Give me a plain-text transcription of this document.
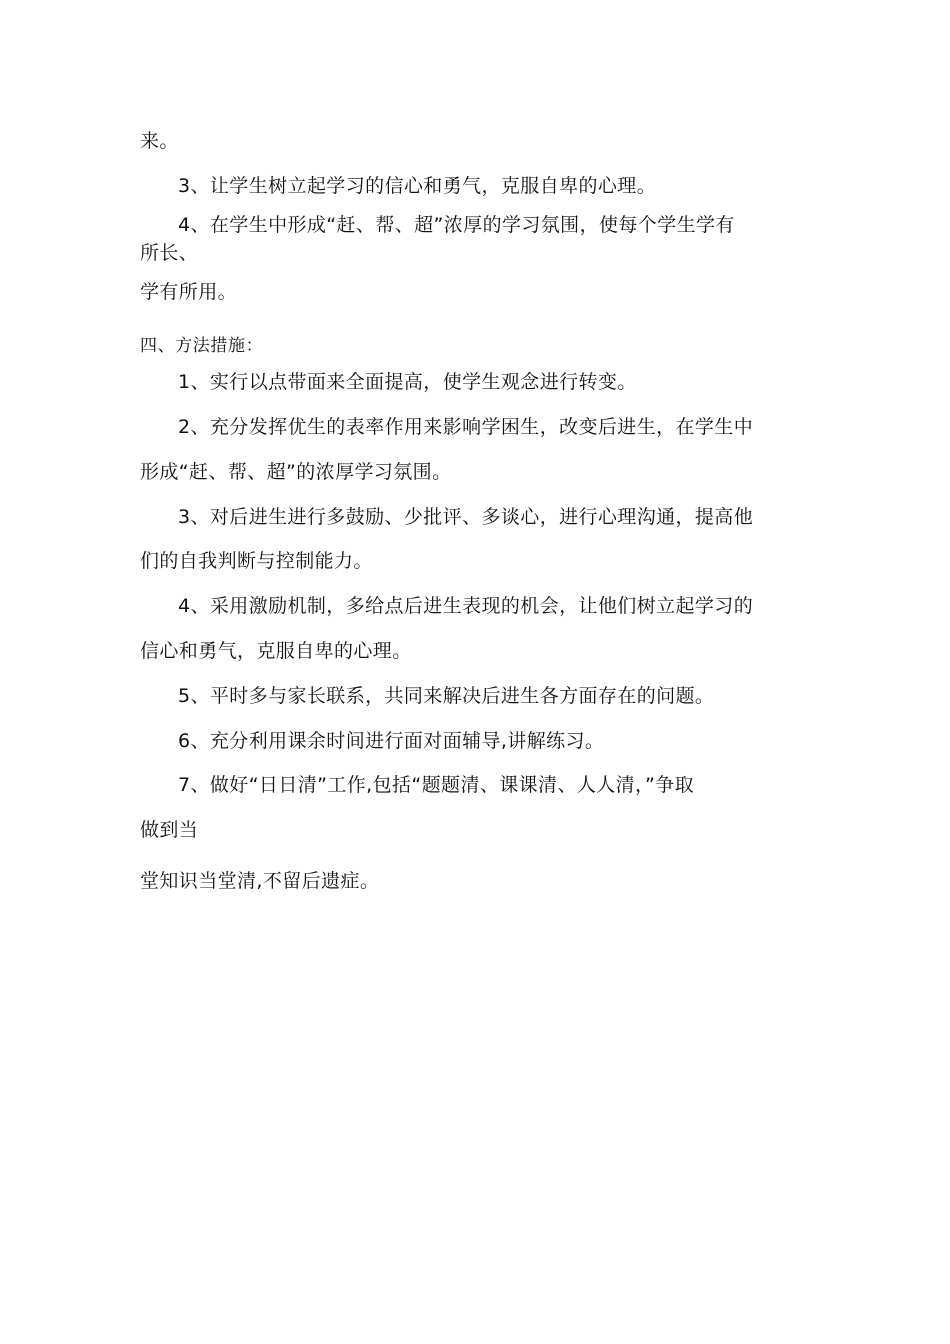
来。
3、让学生树立起学习的信心和勇气，克服自卑的心理。
4、在学生中形成“赶、帮、超”浓厚的学习氛围，使每个学生学有
所长、
学有所用。
四、方法措施：
1、实行以点带面来全面提高，使学生观念进行转变。
2、充分发挥优生的表率作用来影响学困生，改变后进生，在学生中
形成“赶、帮、超”的浓厚学习氛围。
3、对后进生进行多鼓励、少批评、多谈心，进行心理沟通，提高他
们的自我判断与控制能力。
4、采用激励机制，多给点后进生表现的机会，让他们树立起学习的
信心和勇气，克服自卑的心理。
5、平时多与家长联系，共同来解决后进生各方面存在的问题。
6、充分利用课余时间进行面对面辅导,讲解练习。
7、做好“日日清”工作,包括“题题清、课课清、人人清，”争取
做到当
堂知识当堂清,不留后遗症。
